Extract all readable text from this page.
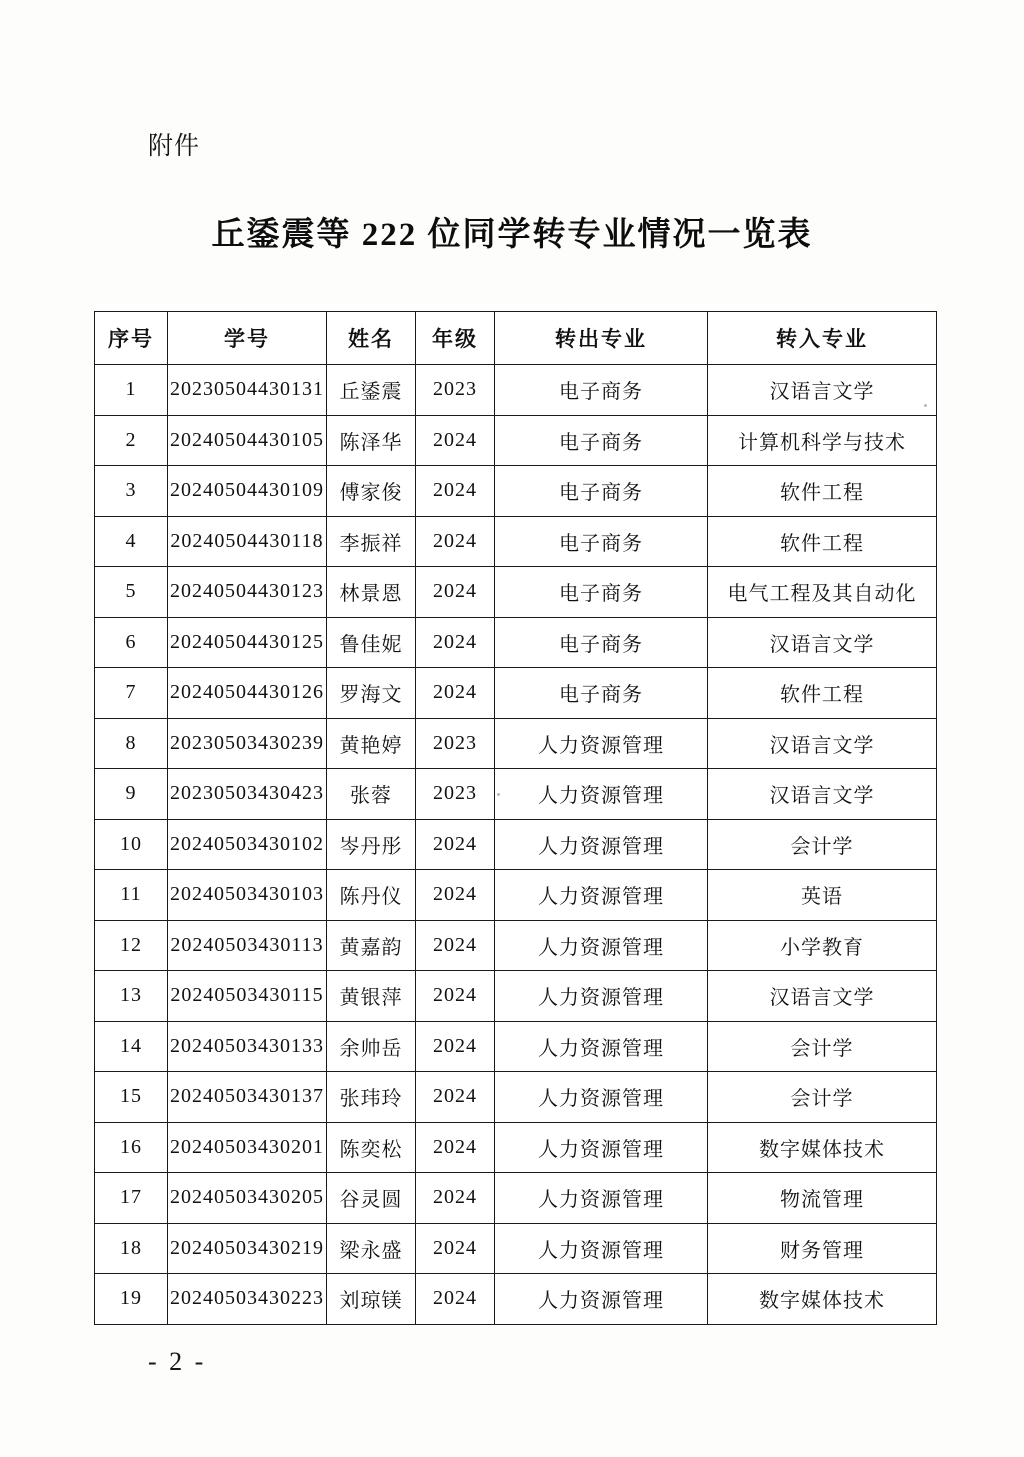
附件
丘鋈震等 222 位同学转专业情况一览表
序号	学号	姓名	年级	转出专业	转入专业
1	20230504430131	丘鋈震	2023	电子商务	汉语言文学
2	20240504430105	陈泽华	2024	电子商务	计算机科学与技术
3	20240504430109	傅家俊	2024	电子商务	软件工程
4	20240504430118	李振祥	2024	电子商务	软件工程
5	20240504430123	林景恩	2024	电子商务	电气工程及其自动化
6	20240504430125	鲁佳妮	2024	电子商务	汉语言文学
7	20240504430126	罗海文	2024	电子商务	软件工程
8	20230503430239	黄艳婷	2023	人力资源管理	汉语言文学
9	20230503430423	张蓉	2023	人力资源管理	汉语言文学
10	20240503430102	岑丹彤	2024	人力资源管理	会计学
11	20240503430103	陈丹仪	2024	人力资源管理	英语
12	20240503430113	黄嘉韵	2024	人力资源管理	小学教育
13	20240503430115	黄银萍	2024	人力资源管理	汉语言文学
14	20240503430133	余帅岳	2024	人力资源管理	会计学
15	20240503430137	张玮玲	2024	人力资源管理	会计学
16	20240503430201	陈奕松	2024	人力资源管理	数字媒体技术
17	20240503430205	谷灵圆	2024	人力资源管理	物流管理
18	20240503430219	梁永盛	2024	人力资源管理	财务管理
19	20240503430223	刘琼镁	2024	人力资源管理	数字媒体技术
- 2 -
